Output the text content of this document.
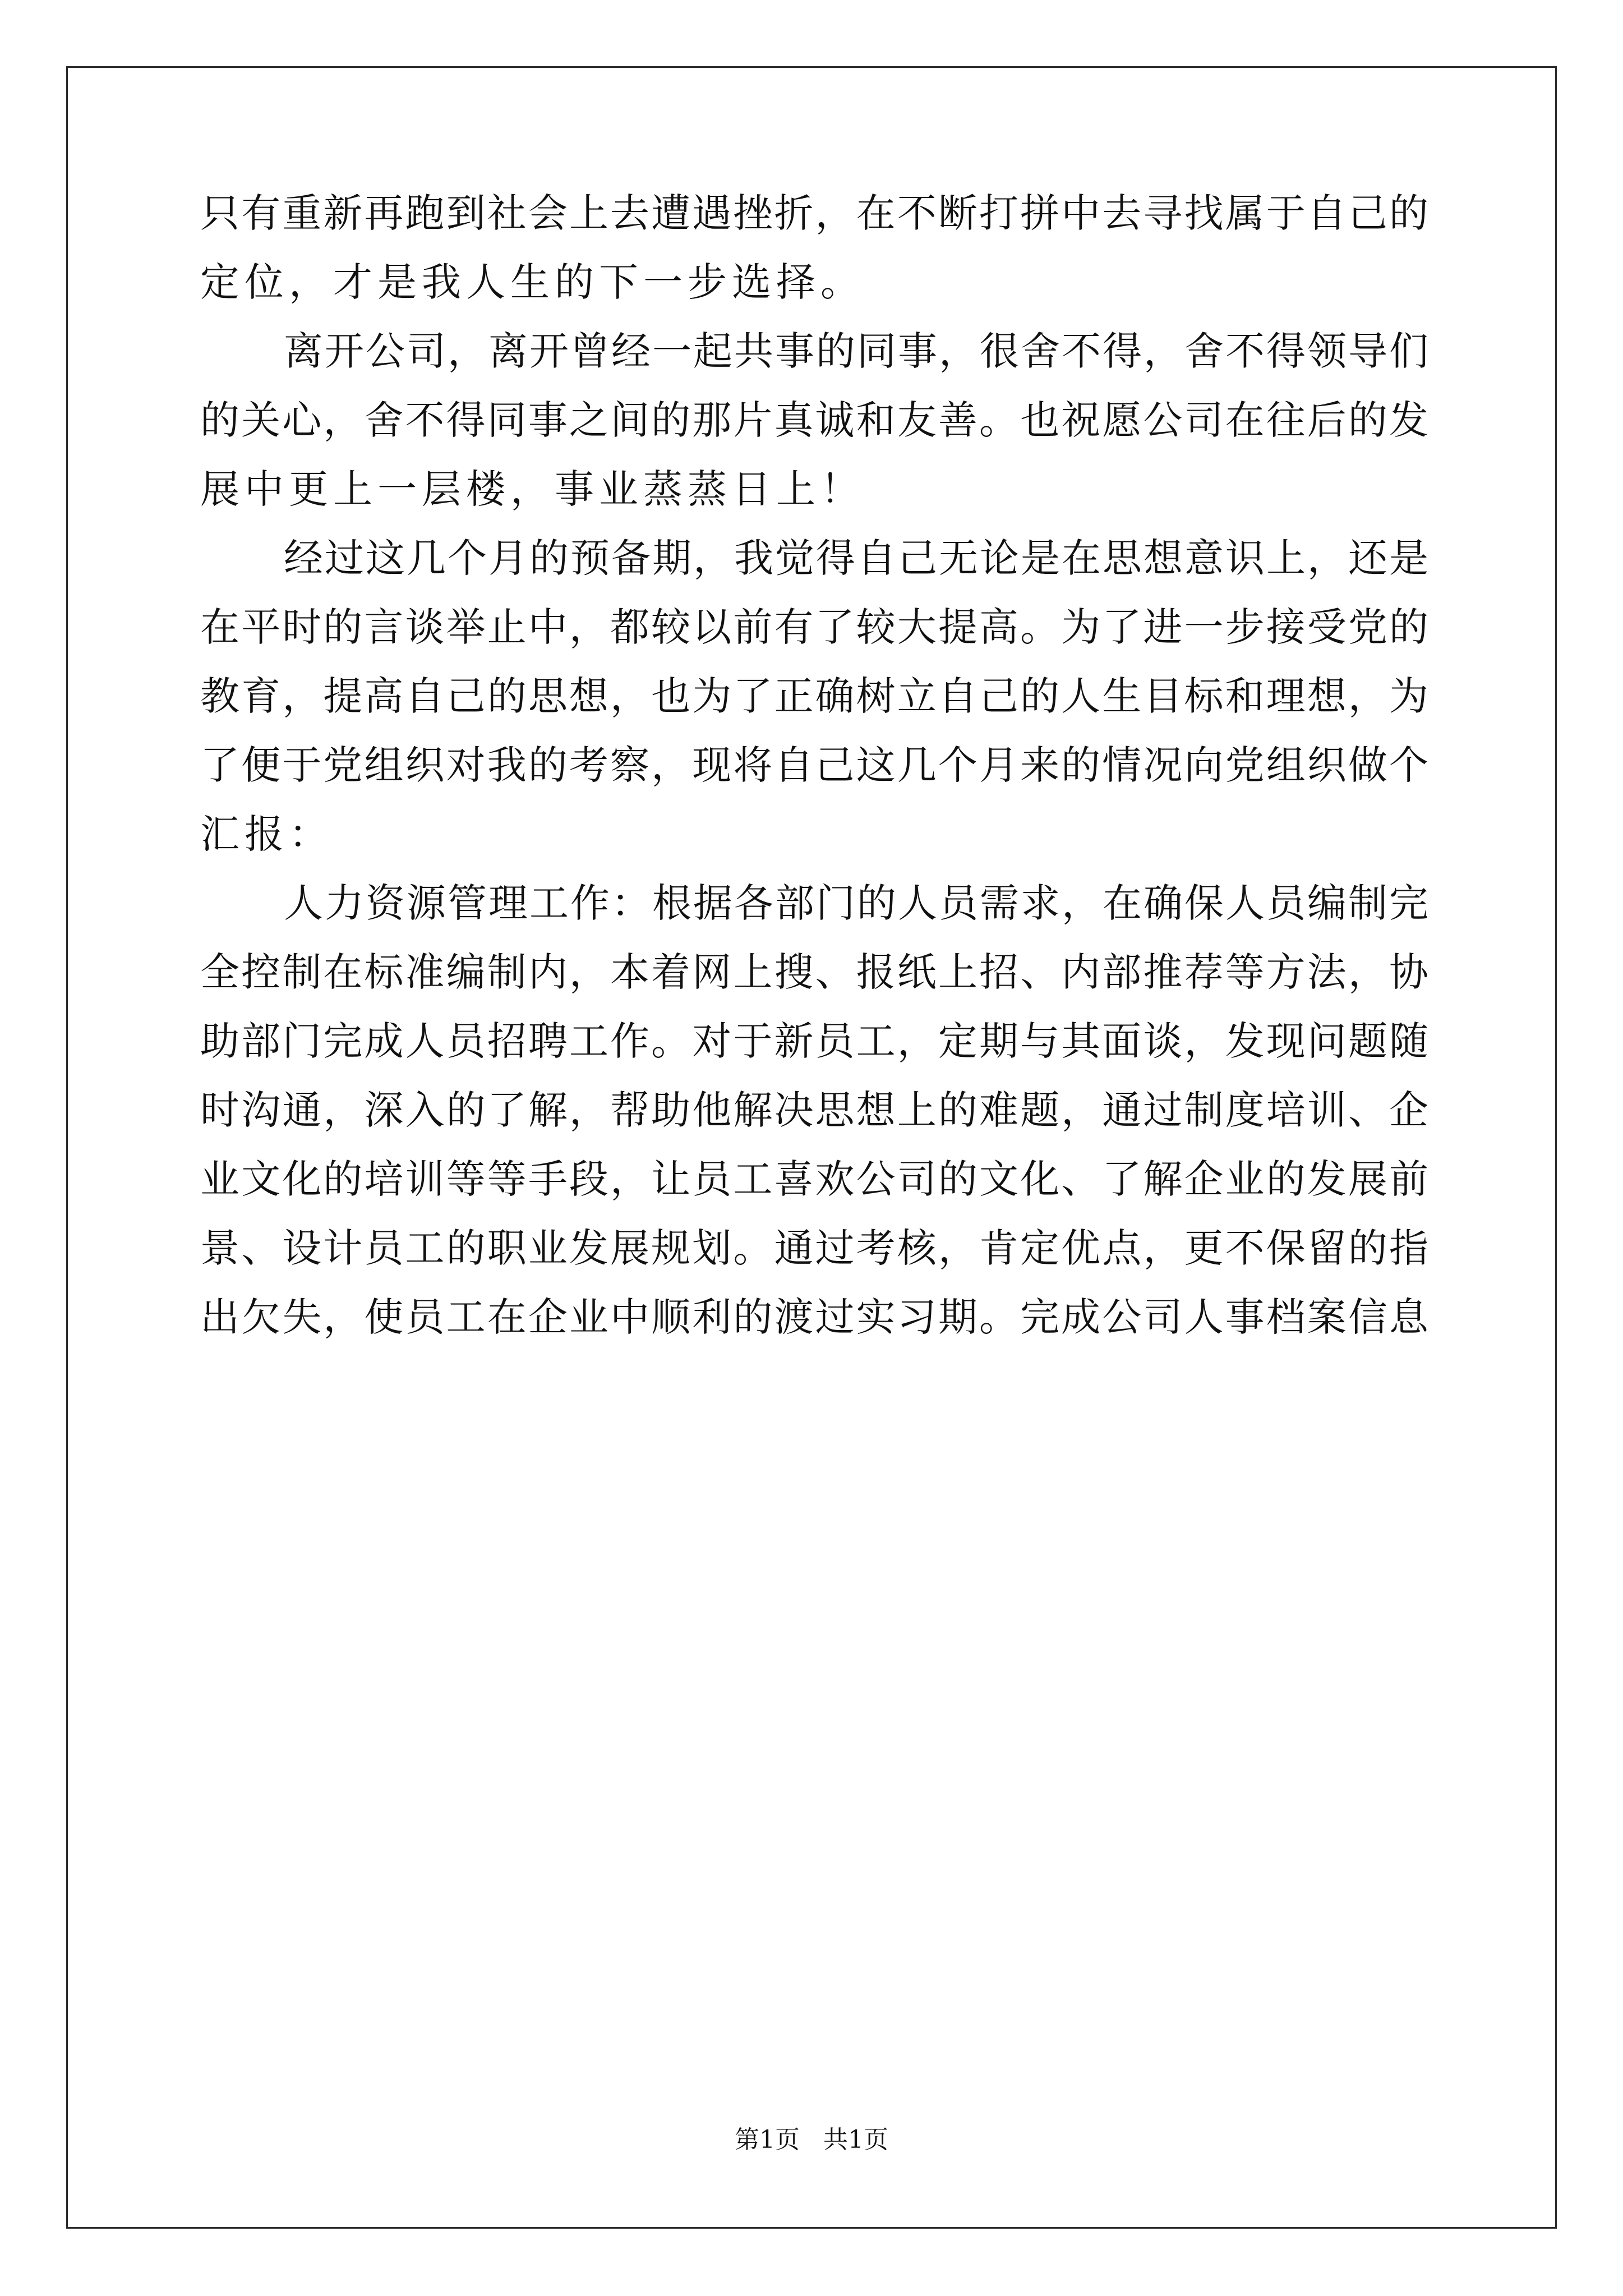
只有重新再跑到社会上去遭遇挫折，在不断打拼中去寻找属于自己的
定位，才是我人生的下一步选择。
离开公司，离开曾经一起共事的同事，很舍不得，舍不得领导们
的关心，舍不得同事之间的那片真诚和友善。也祝愿公司在往后的发
展中更上一层楼，事业蒸蒸日上！
经过这几个月的预备期，我觉得自己无论是在思想意识上，还是
在平时的言谈举止中，都较以前有了较大提高。为了进一步接受党的
教育，提高自己的思想，也为了正确树立自己的人生目标和理想，为
了便于党组织对我的考察，现将自己这几个月来的情况向党组织做个
汇报：
人力资源管理工作：根据各部门的人员需求，在确保人员编制完
全控制在标准编制内，本着网上搜、报纸上招、内部推荐等方法，协
助部门完成人员招聘工作。对于新员工，定期与其面谈，发现问题随
时沟通，深入的了解，帮助他解决思想上的难题，通过制度培训、企
业文化的培训等等手段，让员工喜欢公司的文化、了解企业的发展前
景、设计员工的职业发展规划。通过考核，肯定优点，更不保留的指
出欠失，使员工在企业中顺利的渡过实习期。完成公司人事档案信息
第1页 共1页
